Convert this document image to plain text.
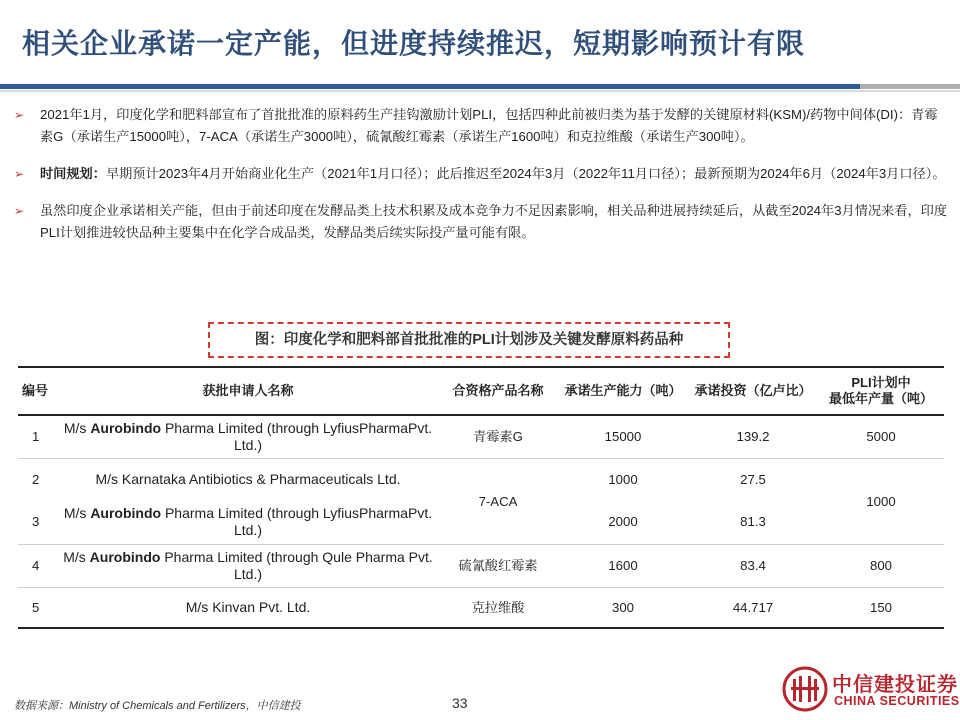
相关企业承诺一定产能，但进度持续推迟，短期影响预计有限
➢ 2021年1月，印度化学和肥料部宣布了首批批准的原料药生产挂钩激励计划PLI，包括四种此前被归类为基于发酵的关键原材料(KSM)/药物中间体(DI)：青霉素G（承诺生产15000吨），7-ACA（承诺生产3000吨），硫氰酸红霉素（承诺生产1600吨）和克拉维酸（承诺生产300吨）。
➢ 时间规划：早期预计2023年4月开始商业化生产（2021年1月口径）；此后推迟至2024年3月（2022年11月口径）；最新预期为2024年6月（2024年3月口径）。
➢ 虽然印度企业承诺相关产能，但由于前述印度在发酵品类上技术积累及成本竞争力不足因素影响，相关品种进展持续延后，从截至2024年3月情况来看，印度PLI计划推进较快品种主要集中在化学合成品类，发酵品类后续实际投产量可能有限。
图：印度化学和肥料部首批批准的PLI计划涉及关键发酵原料药品种
编号	获批申请人名称	合资格产品名称	承诺生产能力（吨）	承诺投资（亿卢比）	PLI计划中
最低年产量（吨）
1	M/s Aurobindo Pharma Limited (through LyfiusPharmaPvt. Ltd.)	青霉素G	15000	139.2	5000
2	M/s Karnataka Antibiotics & Pharmaceuticals Ltd.	7-ACA	1000	27.5	1000
3	M/s Aurobindo Pharma Limited (through LyfiusPharmaPvt. Ltd.)		2000	81.3	
4	M/s Aurobindo Pharma Limited (through Qule Pharma Pvt. Ltd.)	硫氰酸红霉素	1600	83.4	800
5	M/s Kinvan Pvt. Ltd.	克拉维酸	300	44.717	150
数据来源：Ministry of Chemicals and Fertilizers，中信建投	33
中信建投证券
CHINA SECURITIES
